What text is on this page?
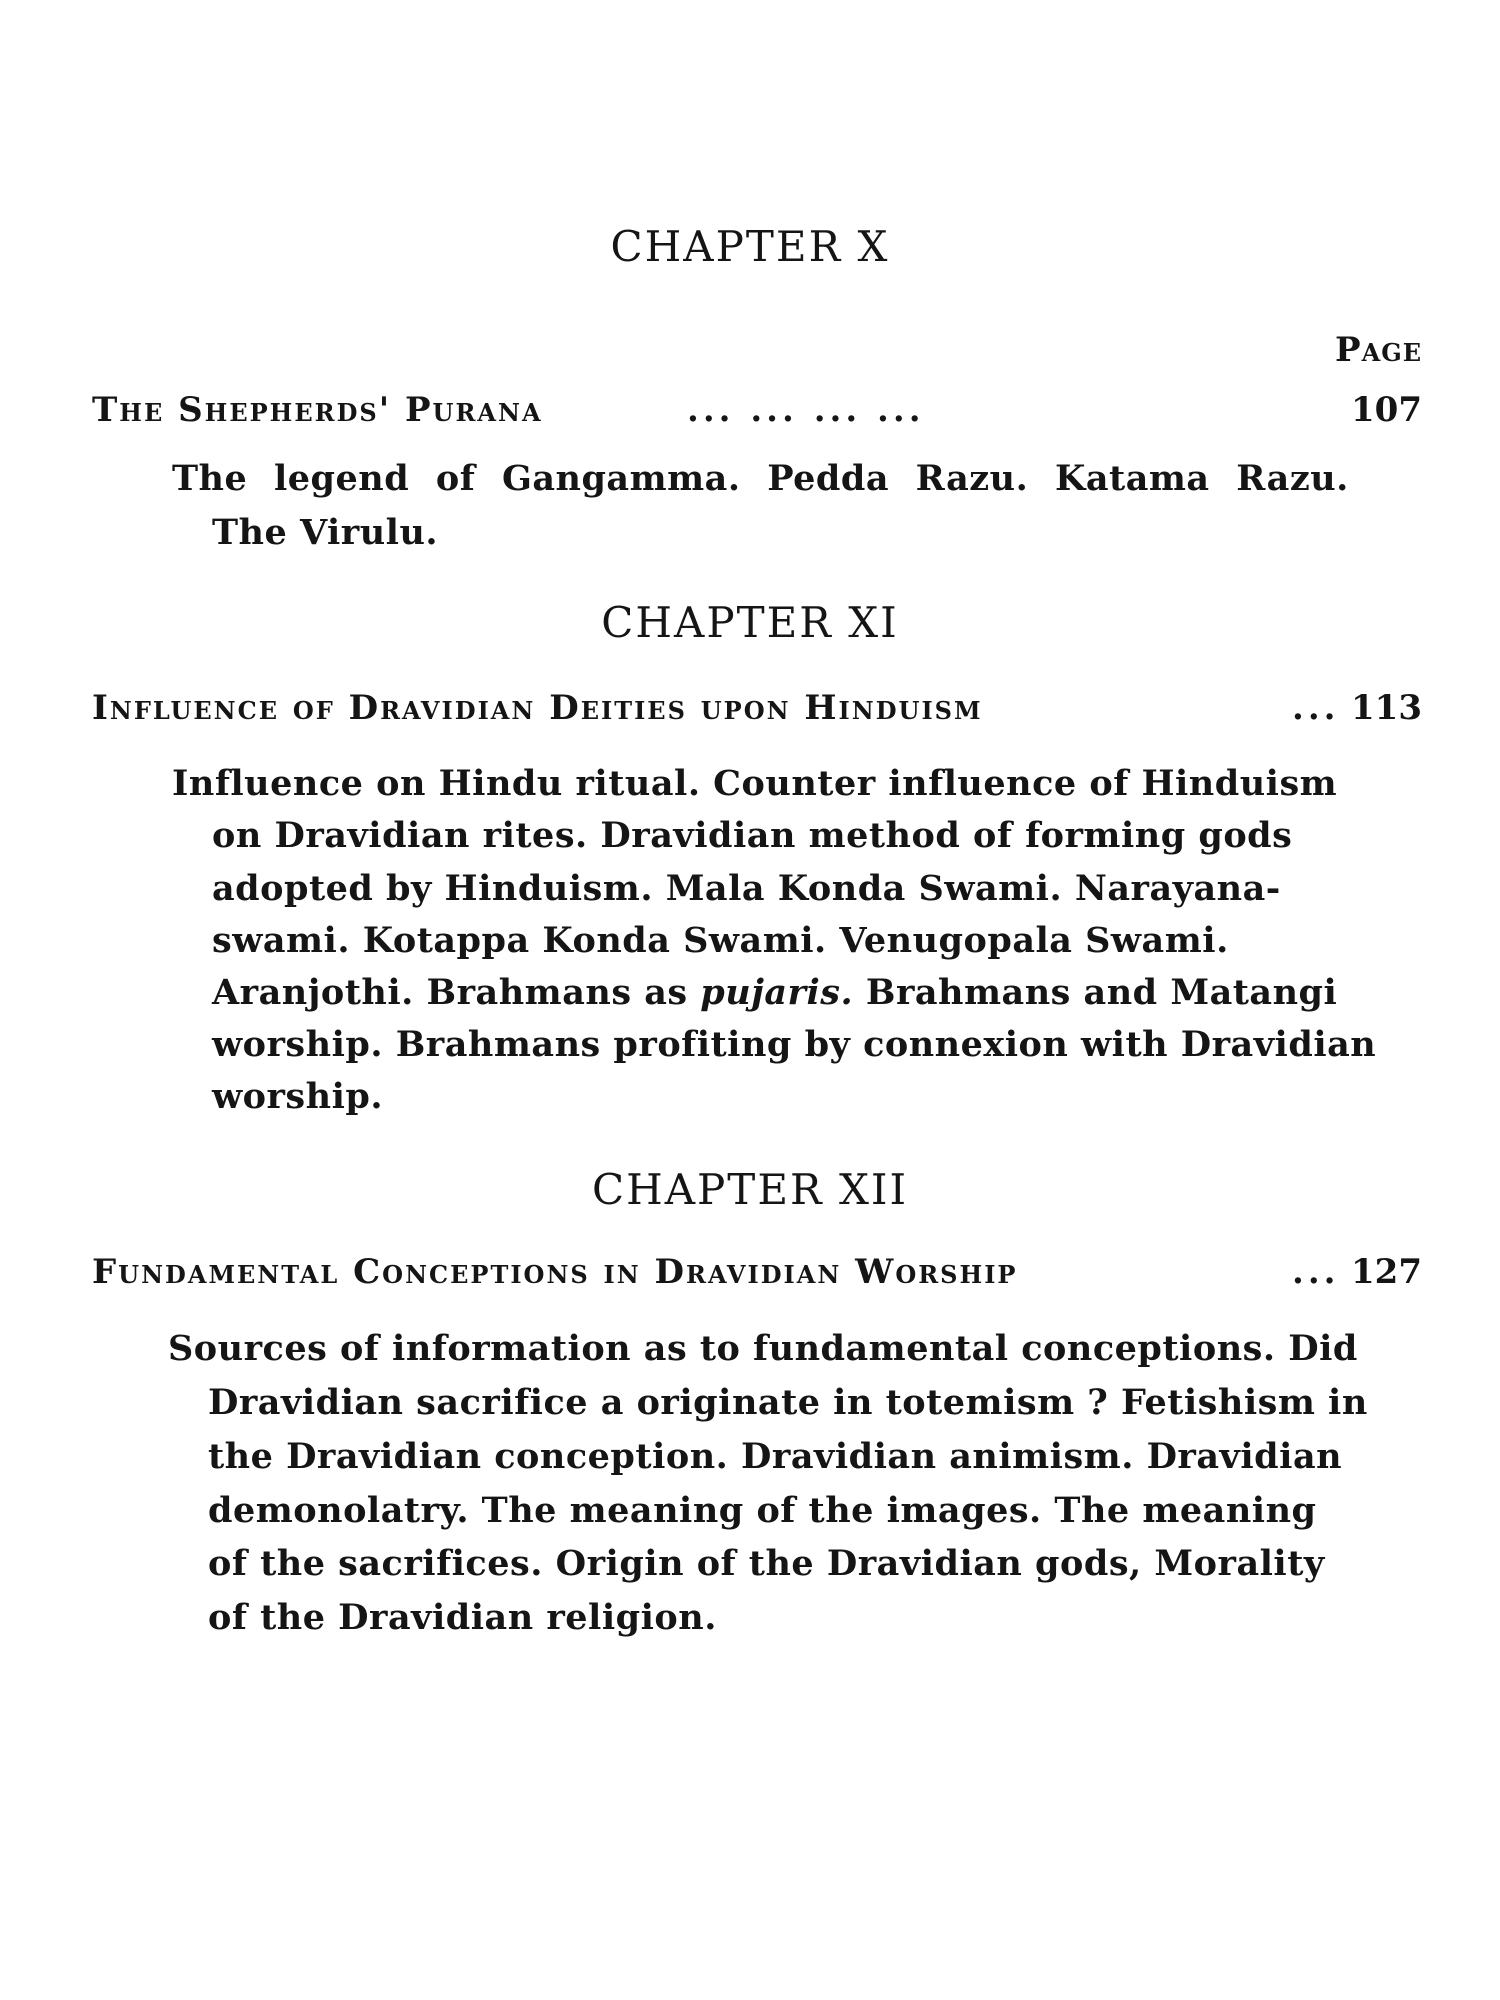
CHAPTER X
Page
The Shepherds' Purana	... ... ... ...	107
The legend of Gangamma. Pedda Razu. Katama Razu.
The Virulu.
CHAPTER XI
Influence of Dravidian Deities upon Hinduism	... 113
Influence on Hindu ritual. Counter influence of Hinduism
on Dravidian rites. Dravidian method of forming gods
adopted by Hinduism. Mala Konda Swami. Narayana-
swami. Kotappa Konda Swami. Venugopala Swami.
Aranjothi. Brahmans as pujaris. Brahmans and Matangi
worship. Brahmans profiting by connexion with Dravidian
worship.
CHAPTER XII
Fundamental Conceptions in Dravidian Worship	... 127
Sources of information as to fundamental conceptions. Did
Dravidian sacrifice a originate in totemism ? Fetishism in
the Dravidian conception. Dravidian animism. Dravidian
demonolatry. The meaning of the images. The meaning
of the sacrifices. Origin of the Dravidian gods, Morality
of the Dravidian religion.
